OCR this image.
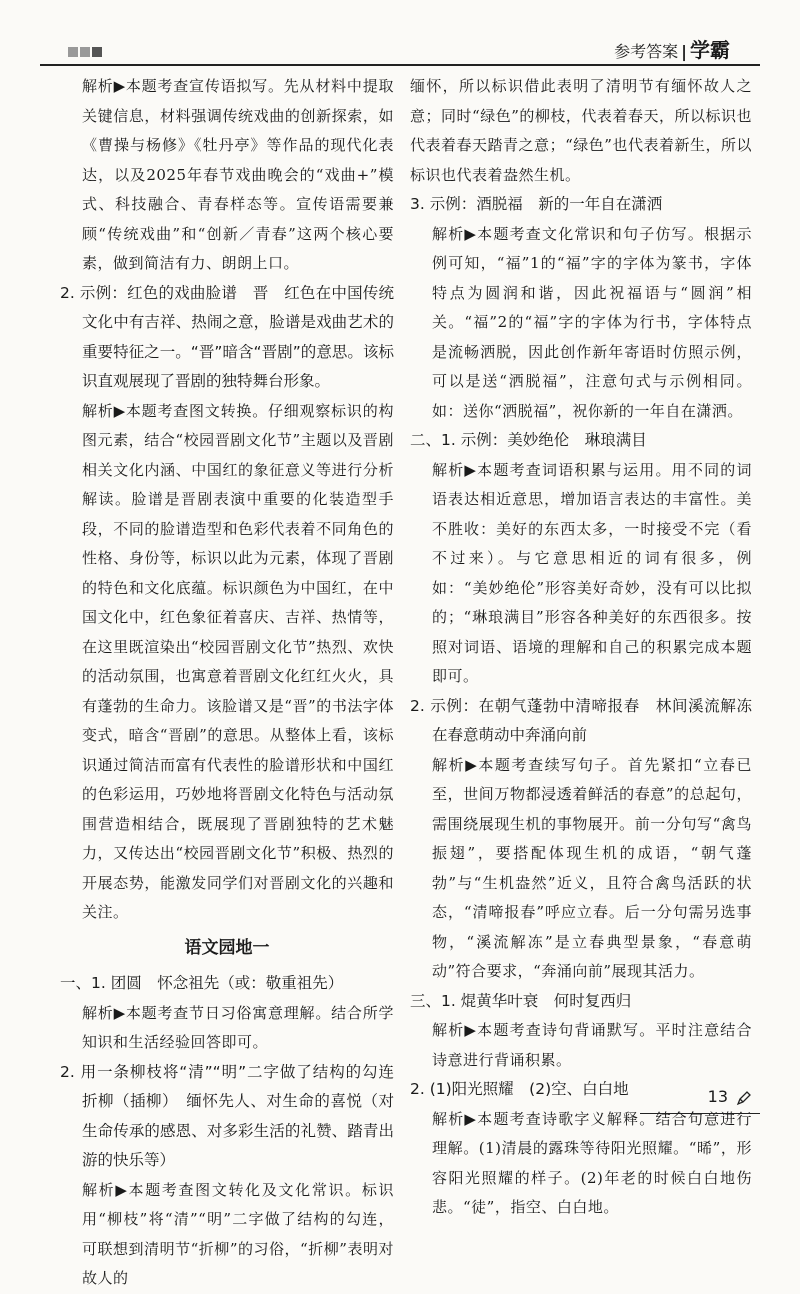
参考答案 | 学霸

解析▶本题考查宣传语拟写。先从材料中提取关键信息，材料强调传统戏曲的创新探索，如《曹操与杨修》《牡丹亭》等作品的现代化表达，以及2025年春节戏曲晚会的“戏曲+”模式、科技融合、青春样态等。宣传语需要兼顾“传统戏曲”和“创新／青春”这两个核心要素，做到简洁有力、朗朗上口。

2. 示例：红色的戏曲脸谱　晋　红色在中国传统文化中有吉祥、热闹之意，脸谱是戏曲艺术的重要特征之一。“晋”暗含“晋剧”的意思。该标识直观展现了晋剧的独特舞台形象。

解析▶本题考查图文转换。仔细观察标识的构图元素，结合“校园晋剧文化节”主题以及晋剧相关文化内涵、中国红的象征意义等进行分析解读。脸谱是晋剧表演中重要的化装造型手段，不同的脸谱造型和色彩代表着不同角色的性格、身份等，标识以此为元素，体现了晋剧的特色和文化底蕴。标识颜色为中国红，在中国文化中，红色象征着喜庆、吉祥、热情等，在这里既渲染出“校园晋剧文化节”热烈、欢快的活动氛围，也寓意着晋剧文化红红火火，具有蓬勃的生命力。该脸谱又是“晋”的书法字体变式，暗含“晋剧”的意思。从整体上看，该标识通过简洁而富有代表性的脸谱形状和中国红的色彩运用，巧妙地将晋剧文化特色与活动氛围营造相结合，既展现了晋剧独特的艺术魅力，又传达出“校园晋剧文化节”积极、热烈的开展态势，能激发同学们对晋剧文化的兴趣和关注。

语文园地一

一、1. 团圆　怀念祖先（或：敬重祖先）

解析▶本题考查节日习俗寓意理解。结合所学知识和生活经验回答即可。

2. 用一条柳枝将“清”“明”二字做了结构的勾连　折柳（插柳）　缅怀先人、对生命的喜悦（对生命传承的感恩、对多彩生活的礼赞、踏青出游的快乐等）

解析▶本题考查图文转化及文化常识。标识用“柳枝”将“清”“明”二字做了结构的勾连，可联想到清明节“折柳”的习俗，“折柳”表明对故人的

缅怀，所以标识借此表明了清明节有缅怀故人之意；同时“绿色”的柳枝，代表着春天，所以标识也代表着春天踏青之意；“绿色”也代表着新生，所以标识也代表着盎然生机。

3. 示例：酒脱福　新的一年自在潇洒

解析▶本题考查文化常识和句子仿写。根据示例可知，“福”1的“福”字的字体为篆书，字体特点为圆润和谐，因此祝福语与“圆润”相关。“福”2的“福”字的字体为行书，字体特点是流畅洒脱，因此创作新年寄语时仿照示例，可以是送“洒脱福”，注意句式与示例相同。如：送你“洒脱福”，祝你新的一年自在潇洒。

二、1. 示例：美妙绝伦　琳琅满目

解析▶本题考查词语积累与运用。用不同的词语表达相近意思，增加语言表达的丰富性。美不胜收：美好的东西太多，一时接受不完（看不过来）。与它意思相近的词有很多，例如：“美妙绝伦”形容美好奇妙，没有可以比拟的；“琳琅满目”形容各种美好的东西很多。按照对词语、语境的理解和自己的积累完成本题即可。

2. 示例：在朝气蓬勃中清啼报春　林间溪流解冻在春意萌动中奔涌向前

解析▶本题考查续写句子。首先紧扣“立春已至，世间万物都浸透着鲜活的春意”的总起句，需围绕展现生机的事物展开。前一分句写“禽鸟振翅”，要搭配体现生机的成语，“朝气蓬勃”与“生机盎然”近义，且符合禽鸟活跃的状态，“清啼报春”呼应立春。后一分句需另选事物，“溪流解冻”是立春典型景象，“春意萌动”符合要求，“奔涌向前”展现其活力。

三、1. 焜黄华叶衰　何时复西归

解析▶本题考查诗句背诵默写。平时注意结合诗意进行背诵积累。

2. (1)阳光照耀　(2)空、白白地

解析▶本题考查诗歌字义解释。结合句意进行理解。(1)清晨的露珠等待阳光照耀。“晞”，形容阳光照耀的样子。(2)年老的时候白白地伤悲。“徒”，指空、白白地。

13
